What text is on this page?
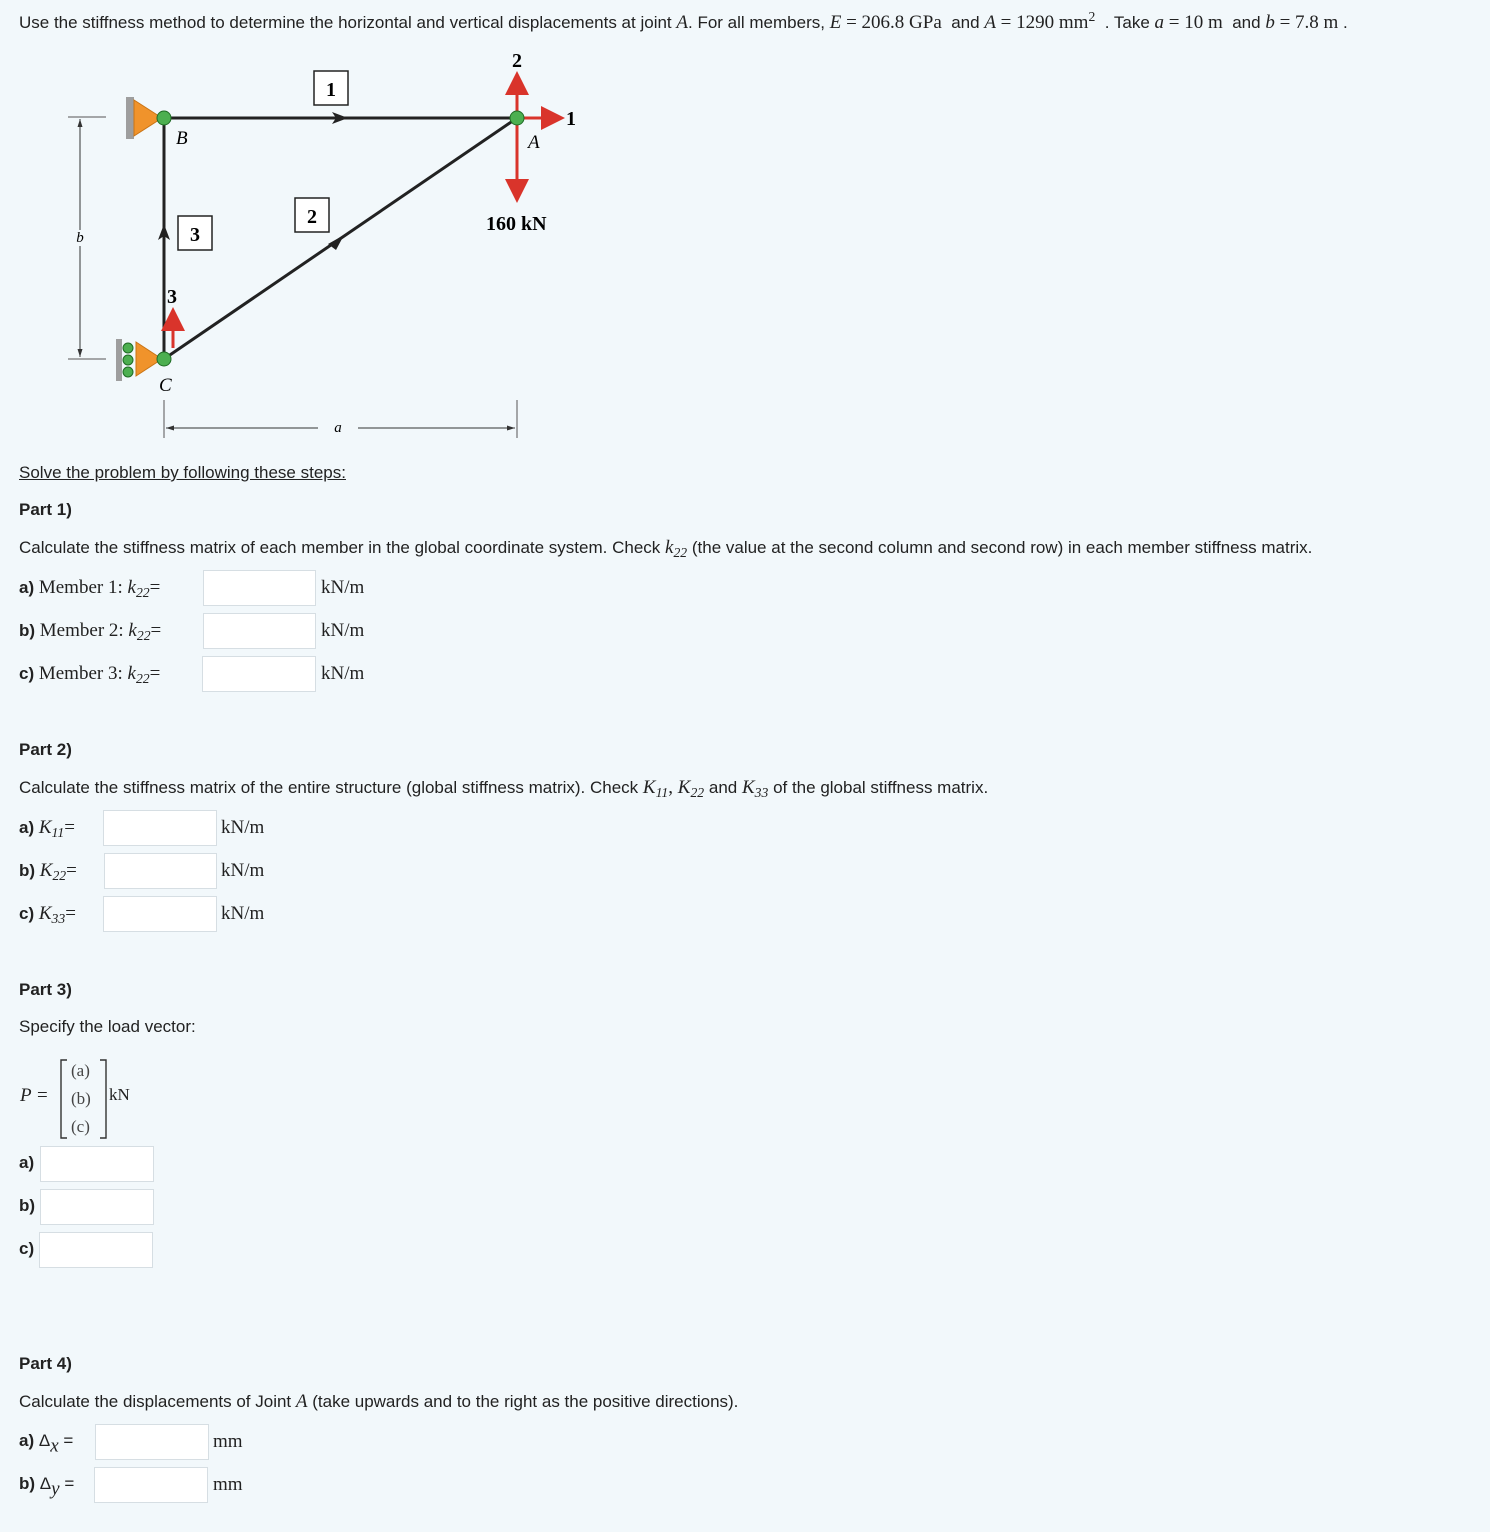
Use the stiffness method to determine the horizontal and vertical displacements at joint A. For all members, E = 206.8 GPa and A = 1290 $mm^2$ . Take a = 10 m and b = 7.8 m .
b
a
1
2
3
2
1
3
A
B
C
160 kN
Solve the problem by following these steps:
Part 1)
Calculate the stiffness matrix of each member in the global coordinate system. Check $k_{22}$ (the value at the second column and second row) in each member stiffness matrix.
a) Member 1: $k_{22}=$	kN/m
b) Member 2: $k_{22}=$	kN/m
c) Member 3: $k_{22}=$	kN/m
Part 2)
Calculate the stiffness matrix of the entire structure (global stiffness matrix). Check $K_{11}$, $K_{22}$ and $K_{33}$ of the global stiffness matrix.
a) $K_{11}=$	kN/m
b) $K_{22}=$	kN/m
c) $K_{33}=$	kN/m
Part 3)
Specify the load vector:
P =
(a)
(b)
(c)
kN
a)
b)
c)
Part 4)
Calculate the displacements of Joint A (take upwards and to the right as the positive directions).
a) $\Delta_x$ =	mm
b) $\Delta_y$ =	mm
